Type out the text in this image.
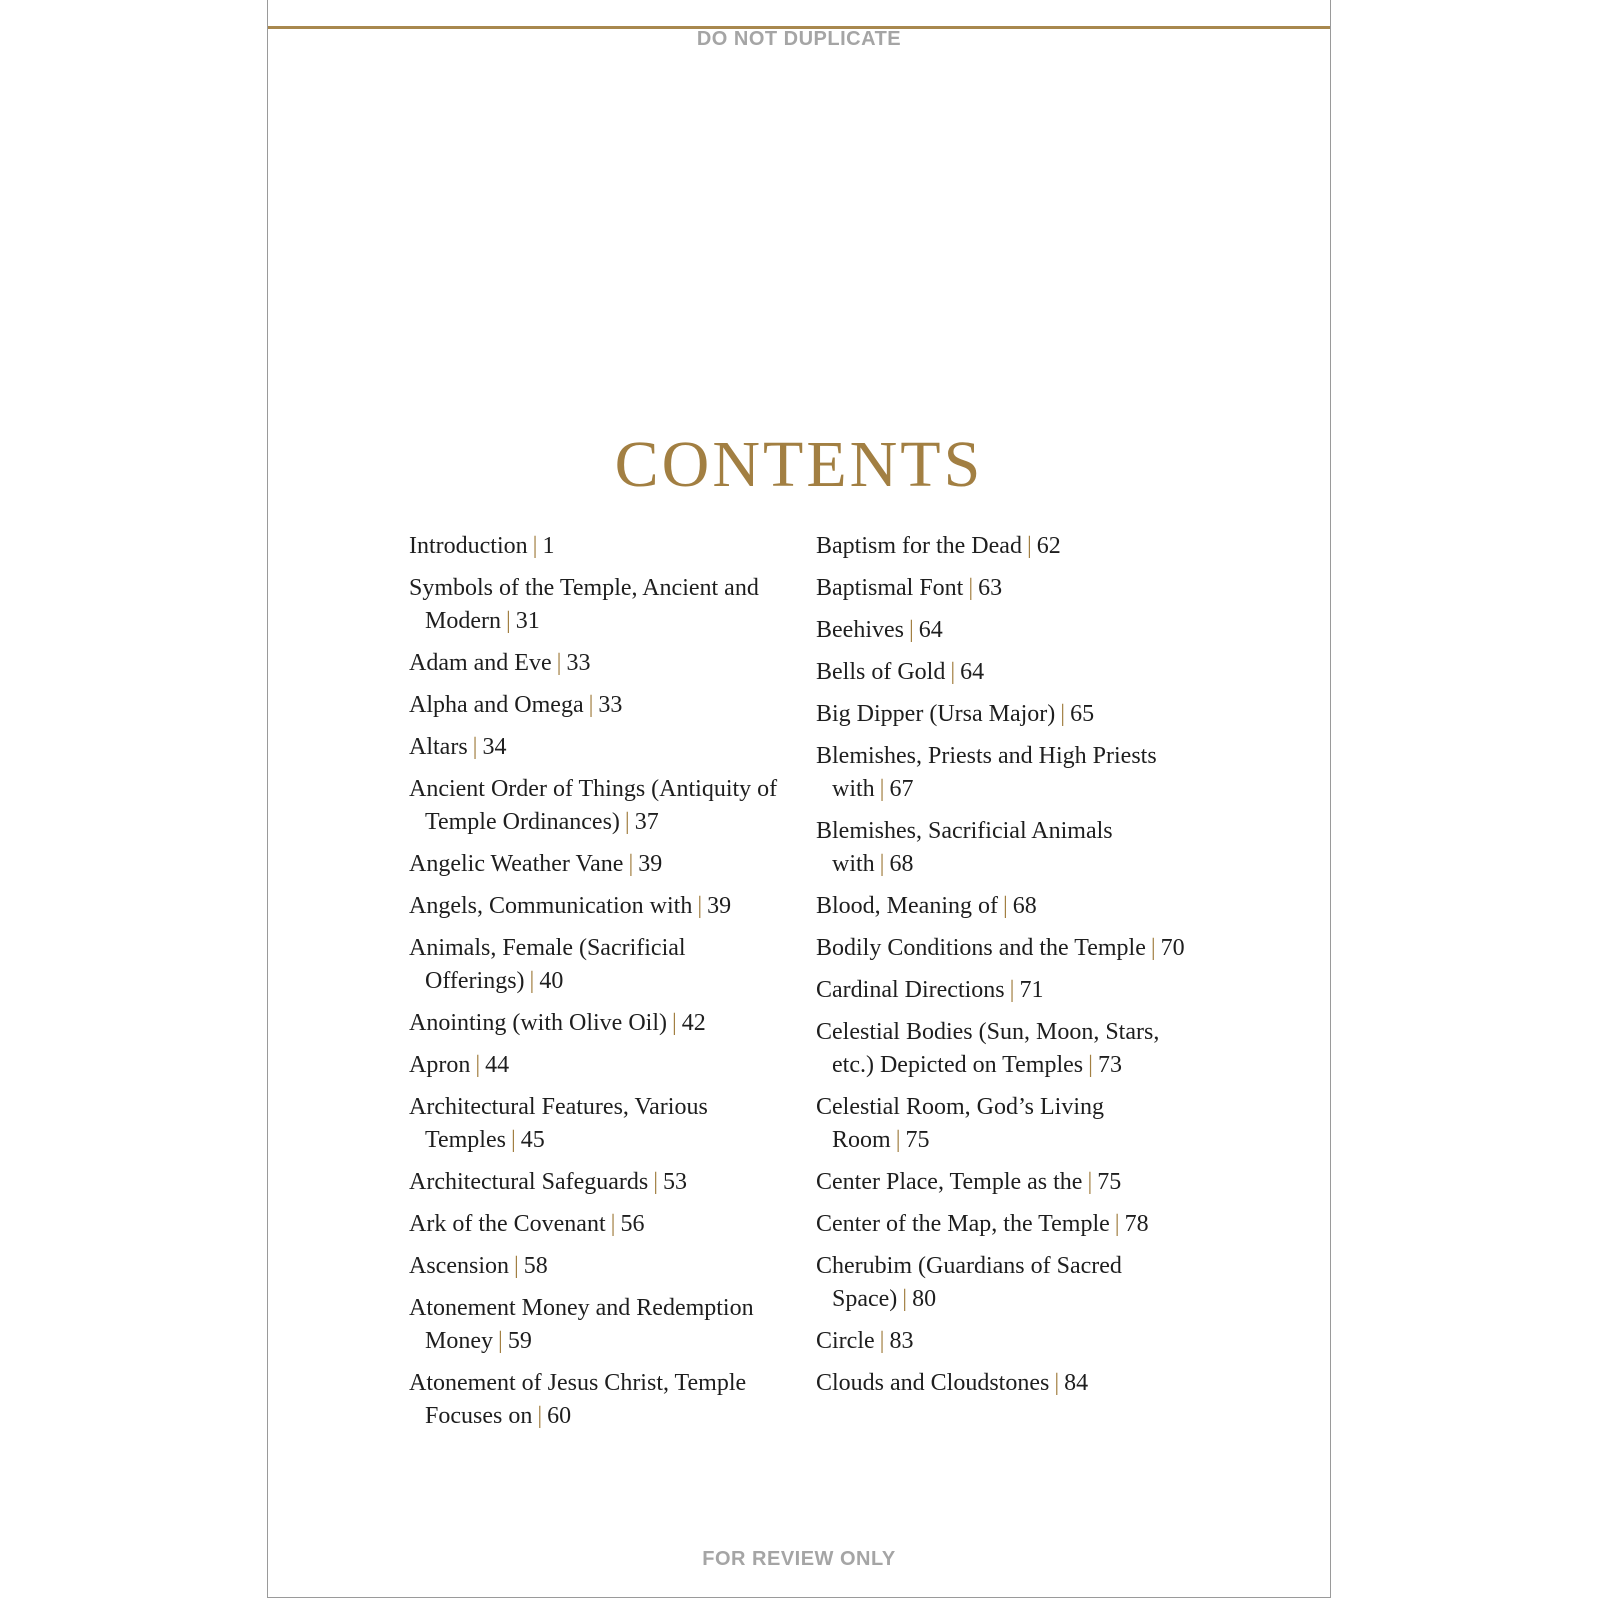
DO NOT DUPLICATE
CONTENTS

Introduction | 1

Symbols of the Temple, Ancient and Modern | 31

Adam and Eve | 33

Alpha and Omega | 33

Altars | 34

Ancient Order of Things (Antiquity of Temple Ordinances) | 37

Angelic Weather Vane | 39

Angels, Communication with | 39

Animals, Female (Sacrificial Offerings) | 40

Anointing (with Olive Oil) | 42

Apron | 44

Architectural Features, Various Temples | 45

Architectural Safeguards | 53

Ark of the Covenant | 56

Ascension | 58

Atonement Money and Redemption Money | 59

Atonement of Jesus Christ, Temple Focuses on | 60

Baptism for the Dead | 62

Baptismal Font | 63

Beehives | 64

Bells of Gold | 64

Big Dipper (Ursa Major) | 65

Blemishes, Priests and High Priests with | 67

Blemishes, Sacrificial Animals with | 68

Blood, Meaning of | 68

Bodily Conditions and the Temple | 70

Cardinal Directions | 71

Celestial Bodies (Sun, Moon, Stars, etc.) Depicted on Temples | 73

Celestial Room, God’s Living Room | 75

Center Place, Temple as the | 75

Center of the Map, the Temple | 78

Cherubim (Guardians of Sacred Space) | 80

Circle | 83

Clouds and Cloudstones | 84

FOR REVIEW ONLY
